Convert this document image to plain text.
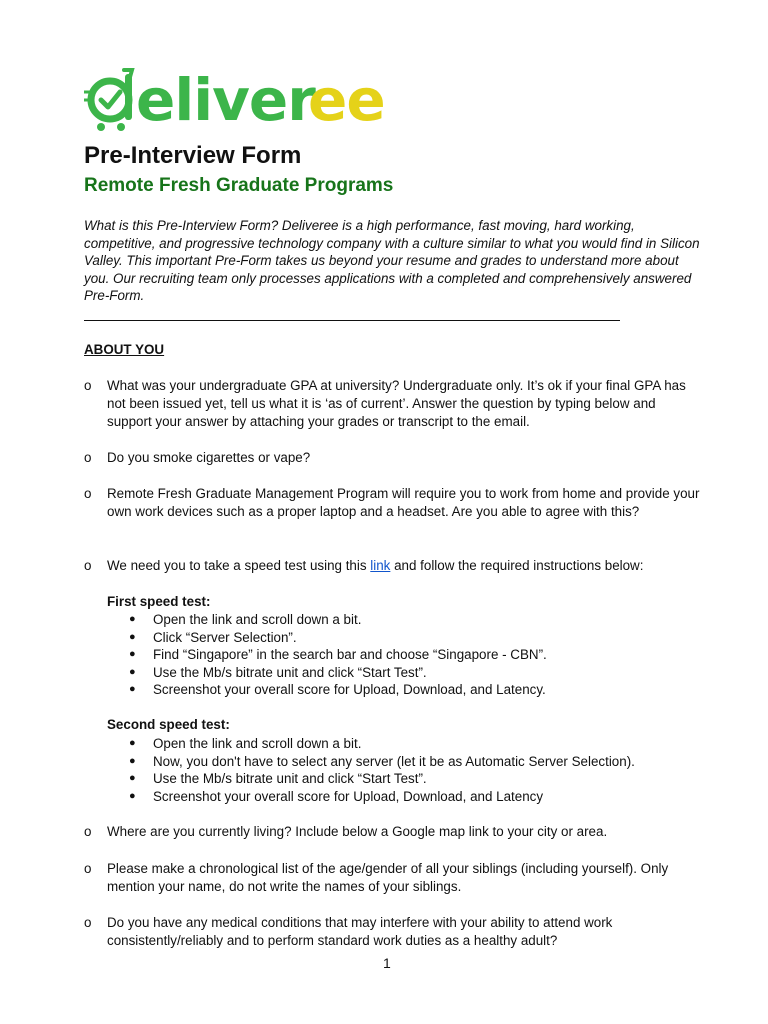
eliver
ee
Pre-Interview Form
Remote Fresh Graduate Programs

What is this Pre-Interview Form? Deliveree is a high performance, fast moving, hard working, competitive, and progressive technology company with a culture similar to what you would find in Silicon Valley. This important Pre-Form takes us beyond your resume and grades to understand more about you. Our recruiting team only processes applications with a completed and comprehensively answered Pre-Form.

ABOUT YOU

o What was your undergraduate GPA at university? Undergraduate only. It’s ok if your final GPA has not been issued yet, tell us what it is ‘as of current’. Answer the question by typing below and support your answer by attaching your grades or transcript to the email.
o Do you smoke cigarettes or vape?
o Remote Fresh Graduate Management Program will require you to work from home and provide your own work devices such as a proper laptop and a headset. Are you able to agree with this?
o We need you to take a speed test using this link and follow the required instructions below:
First speed test:
● Open the link and scroll down a bit.
● Click “Server Selection”.
● Find “Singapore” in the search bar and choose “Singapore - CBN”.
● Use the Mb/s bitrate unit and click “Start Test”.
● Screenshot your overall score for Upload, Download, and Latency.
Second speed test:
● Open the link and scroll down a bit.
● Now, you don't have to select any server (let it be as Automatic Server Selection).
● Use the Mb/s bitrate unit and click “Start Test”.
● Screenshot your overall score for Upload, Download, and Latency
o Where are you currently living? Include below a Google map link to your city or area.
o Please make a chronological list of the age/gender of all your siblings (including yourself). Only mention your name, do not write the names of your siblings.
o Do you have any medical conditions that may interfere with your ability to attend work consistently/reliably and to perform standard work duties as a healthy adult?
1
